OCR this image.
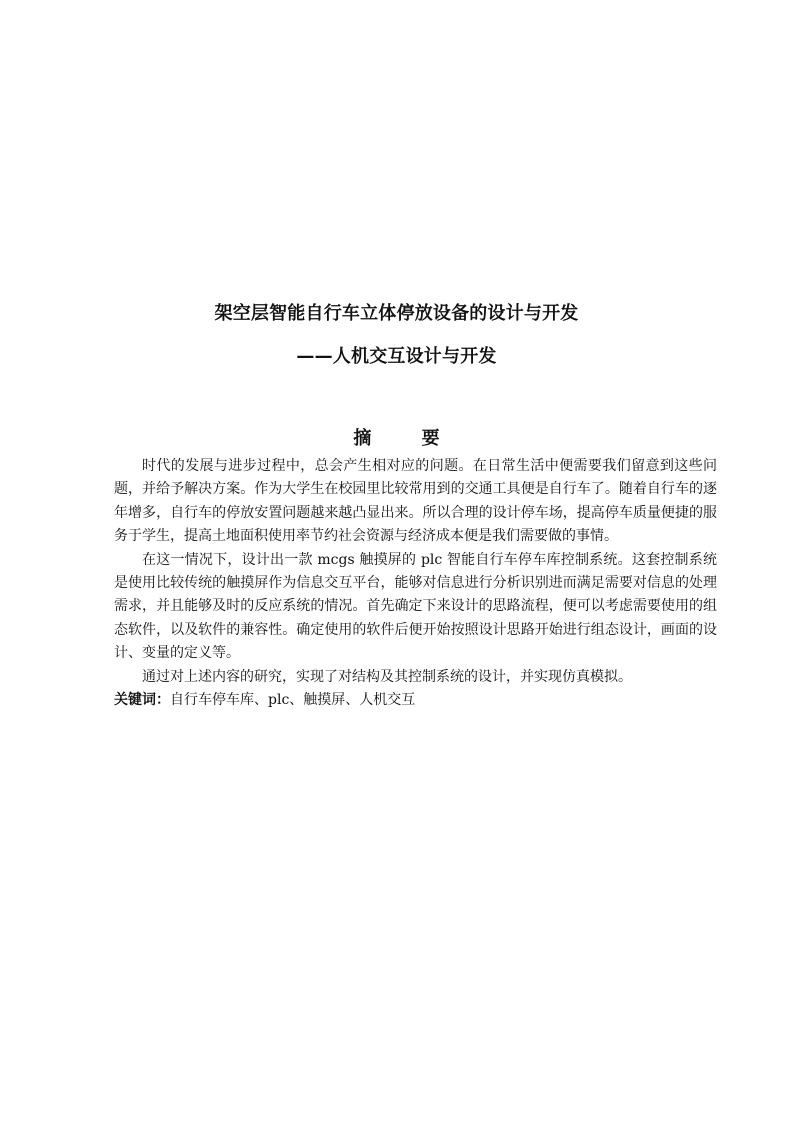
架空层智能自行车立体停放设备的设计与开发
——人机交互设计与开发
摘 要

时代的发展与进步过程中，总会产生相对应的问题。在日常生活中便需要我们留意到这些问题，并给予解决方案。作为大学生在校园里比较常用到的交通工具便是自行车了。随着自行车的逐年增多，自行车的停放安置问题越来越凸显出来。所以合理的设计停车场，提高停车质量便捷的服务于学生，提高土地面积使用率节约社会资源与经济成本便是我们需要做的事情。

在这一情况下，设计出一款 mcgs 触摸屏的 plc 智能自行车停车库控制系统。这套控制系统是使用比较传统的触摸屏作为信息交互平台，能够对信息进行分析识别进而满足需要对信息的处理需求，并且能够及时的反应系统的情况。首先确定下来设计的思路流程，便可以考虑需要使用的组态软件，以及软件的兼容性。确定使用的软件后便开始按照设计思路开始进行组态设计，画面的设计、变量的定义等。

通过对上述内容的研究，实现了对结构及其控制系统的设计，并实现仿真模拟。

关键词：自行车停车库、plc、触摸屏、人机交互
